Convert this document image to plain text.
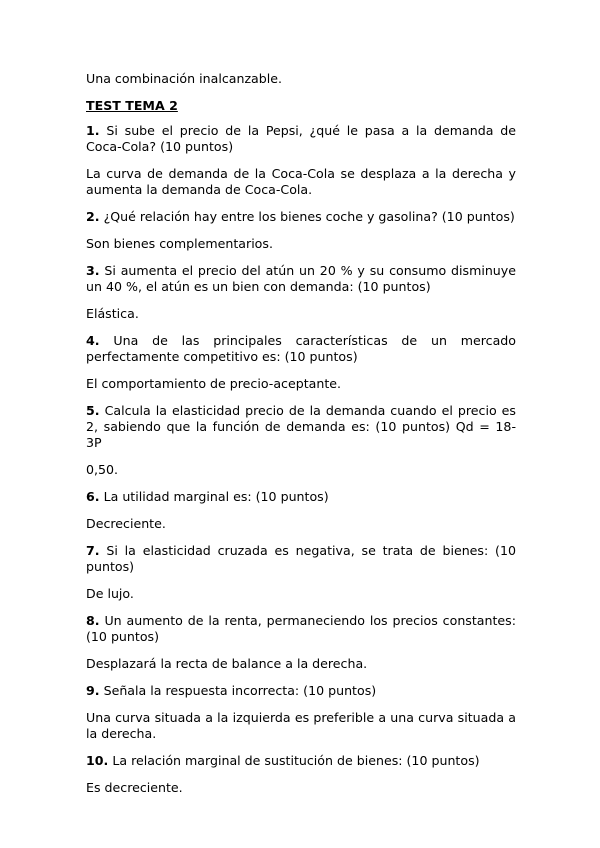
Una combinación inalcanzable.

TEST TEMA 2

1. Si sube el precio de la Pepsi, ¿qué le pasa a la demanda de Coca-Cola? (10 puntos)

La curva de demanda de la Coca-Cola se desplaza a la derecha y aumenta la demanda de Coca-Cola.

2. ¿Qué relación hay entre los bienes coche y gasolina? (10 puntos)

Son bienes complementarios.

3. Si aumenta el precio del atún un 20 % y su consumo disminuye un 40 %, el atún es un bien con demanda: (10 puntos)

Elástica.

4. Una de las principales características de un mercado perfectamente competitivo es: (10 puntos)

El comportamiento de precio-aceptante.

5. Calcula la elasticidad precio de la demanda cuando el precio es 2, sabiendo que la función de demanda es: (10 puntos) Qd = 18- 3P

0,50.

6. La utilidad marginal es: (10 puntos)

Decreciente.

7. Si la elasticidad cruzada es negativa, se trata de bienes: (10 puntos)

De lujo.

8. Un aumento de la renta, permaneciendo los precios constantes: (10 puntos)

Desplazará la recta de balance a la derecha.

9. Señala la respuesta incorrecta: (10 puntos)

Una curva situada a la izquierda es preferible a una curva situada a la derecha.

10. La relación marginal de sustitución de bienes: (10 puntos)

Es decreciente.
